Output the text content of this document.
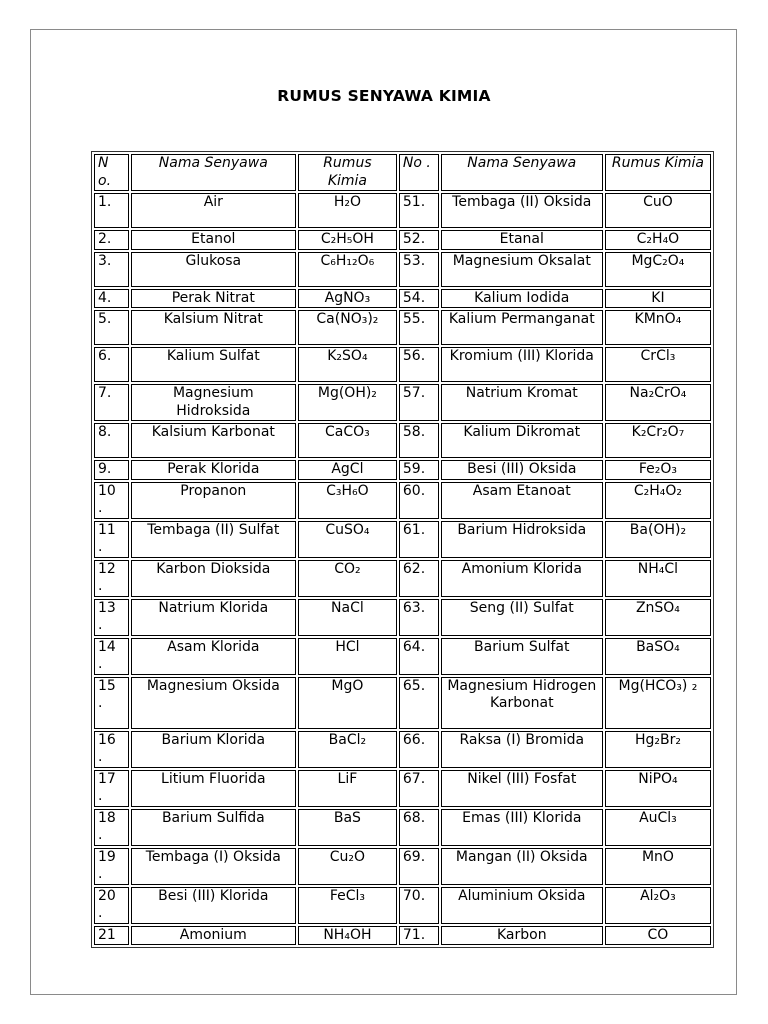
RUMUS SENYAWA KIMIA
N o.	Nama Senyawa	Rumus Kimia	No .	Nama Senyawa	Rumus Kimia
1.	Air	H₂O	51.	Tembaga (II) Oksida	CuO
2.	Etanol	C₂H₅OH	52.	Etanal	C₂H₄O
3.	Glukosa	C₆H₁₂O₆	53.	Magnesium Oksalat	MgC₂O₄
4.	Perak Nitrat	AgNO₃	54.	Kalium Iodida	KI
5.	Kalsium Nitrat	Ca(NO₃)₂	55.	Kalium Permanganat	KMnO₄
6.	Kalium Sulfat	K₂SO₄	56.	Kromium (III) Klorida	CrCl₃
7.	Magnesium Hidroksida	Mg(OH)₂	57.	Natrium Kromat	Na₂CrO₄
8.	Kalsium Karbonat	CaCO₃	58.	Kalium Dikromat	K₂Cr₂O₇
9.	Perak Klorida	AgCl	59.	Besi (III) Oksida	Fe₂O₃
10 .	Propanon	C₃H₆O	60.	Asam Etanoat	C₂H₄O₂
11 .	Tembaga (II) Sulfat	CuSO₄	61.	Barium Hidroksida	Ba(OH)₂
12 .	Karbon Dioksida	CO₂	62.	Amonium Klorida	NH₄Cl
13 .	Natrium Klorida	NaCl	63.	Seng (II) Sulfat	ZnSO₄
14 .	Asam Klorida	HCl	64.	Barium Sulfat	BaSO₄
15 .	Magnesium Oksida	MgO	65.	Magnesium Hidrogen Karbonat	Mg(HCO₃) ₂
16 .	Barium Klorida	BaCl₂	66.	Raksa (I) Bromida	Hg₂Br₂
17 .	Litium Fluorida	LiF	67.	Nikel (III) Fosfat	NiPO₄
18 .	Barium Sulfida	BaS	68.	Emas (III) Klorida	AuCl₃
19 .	Tembaga (I) Oksida	Cu₂O	69.	Mangan (II) Oksida	MnO
20 .	Besi (III) Klorida	FeCl₃	70.	Aluminium Oksida	Al₂O₃
21	Amonium	NH₄OH	71.	Karbon	CO
